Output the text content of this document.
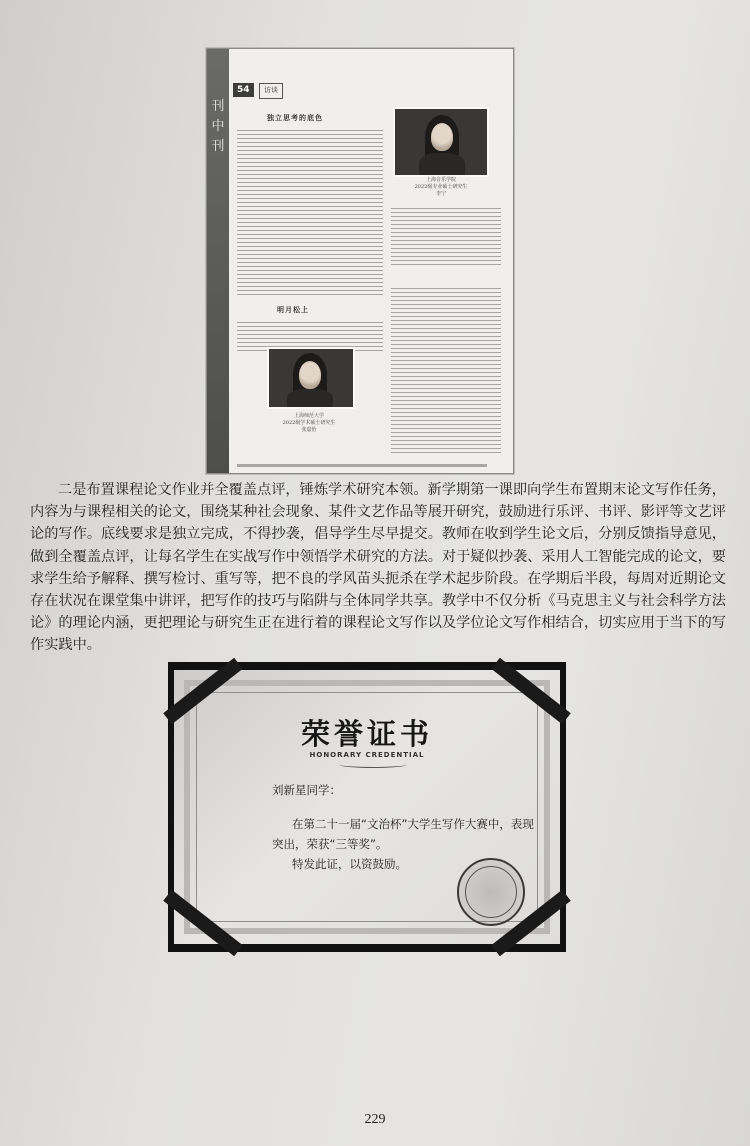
刊
中
刊
54	访谈
独立思考的底色
上海音乐学院
2022级专业硕士研究生
李宁
明月松上
上海师范大学
2022级学术硕士研究生
张嘉怡

二是布置课程论文作业并全覆盖点评，锤炼学术研究本领。新学期第一课即向学生布置期末论文写作任务，内容为与课程相关的论文，围绕某种社会现象、某件文艺作品等展开研究，鼓励进行乐评、书评、影评等文艺评论的写作。底线要求是独立完成，不得抄袭，倡导学生尽早提交。教师在收到学生论文后，分别反馈指导意见，做到全覆盖点评，让每名学生在实战写作中领悟学术研究的方法。对于疑似抄袭、采用人工智能完成的论文，要求学生给予解释、撰写检讨、重写等，把不良的学风苗头扼杀在学术起步阶段。在学期后半段，每周对近期论文存在状况在课堂集中讲评，把写作的技巧与陷阱与全体同学共享。教学中不仅分析《马克思主义与社会科学方法论》的理论内涵，更把理论与研究生正在进行着的课程论文写作以及学位论文写作相结合，切实应用于当下的写作实践中。

荣誉证书
HONORARY CREDENTIAL
刘新星同学：
在第二十一届“文治杯”大学生写作大赛中，表现
突出，荣获“三等奖”。
特发此证，以资鼓励。
229
